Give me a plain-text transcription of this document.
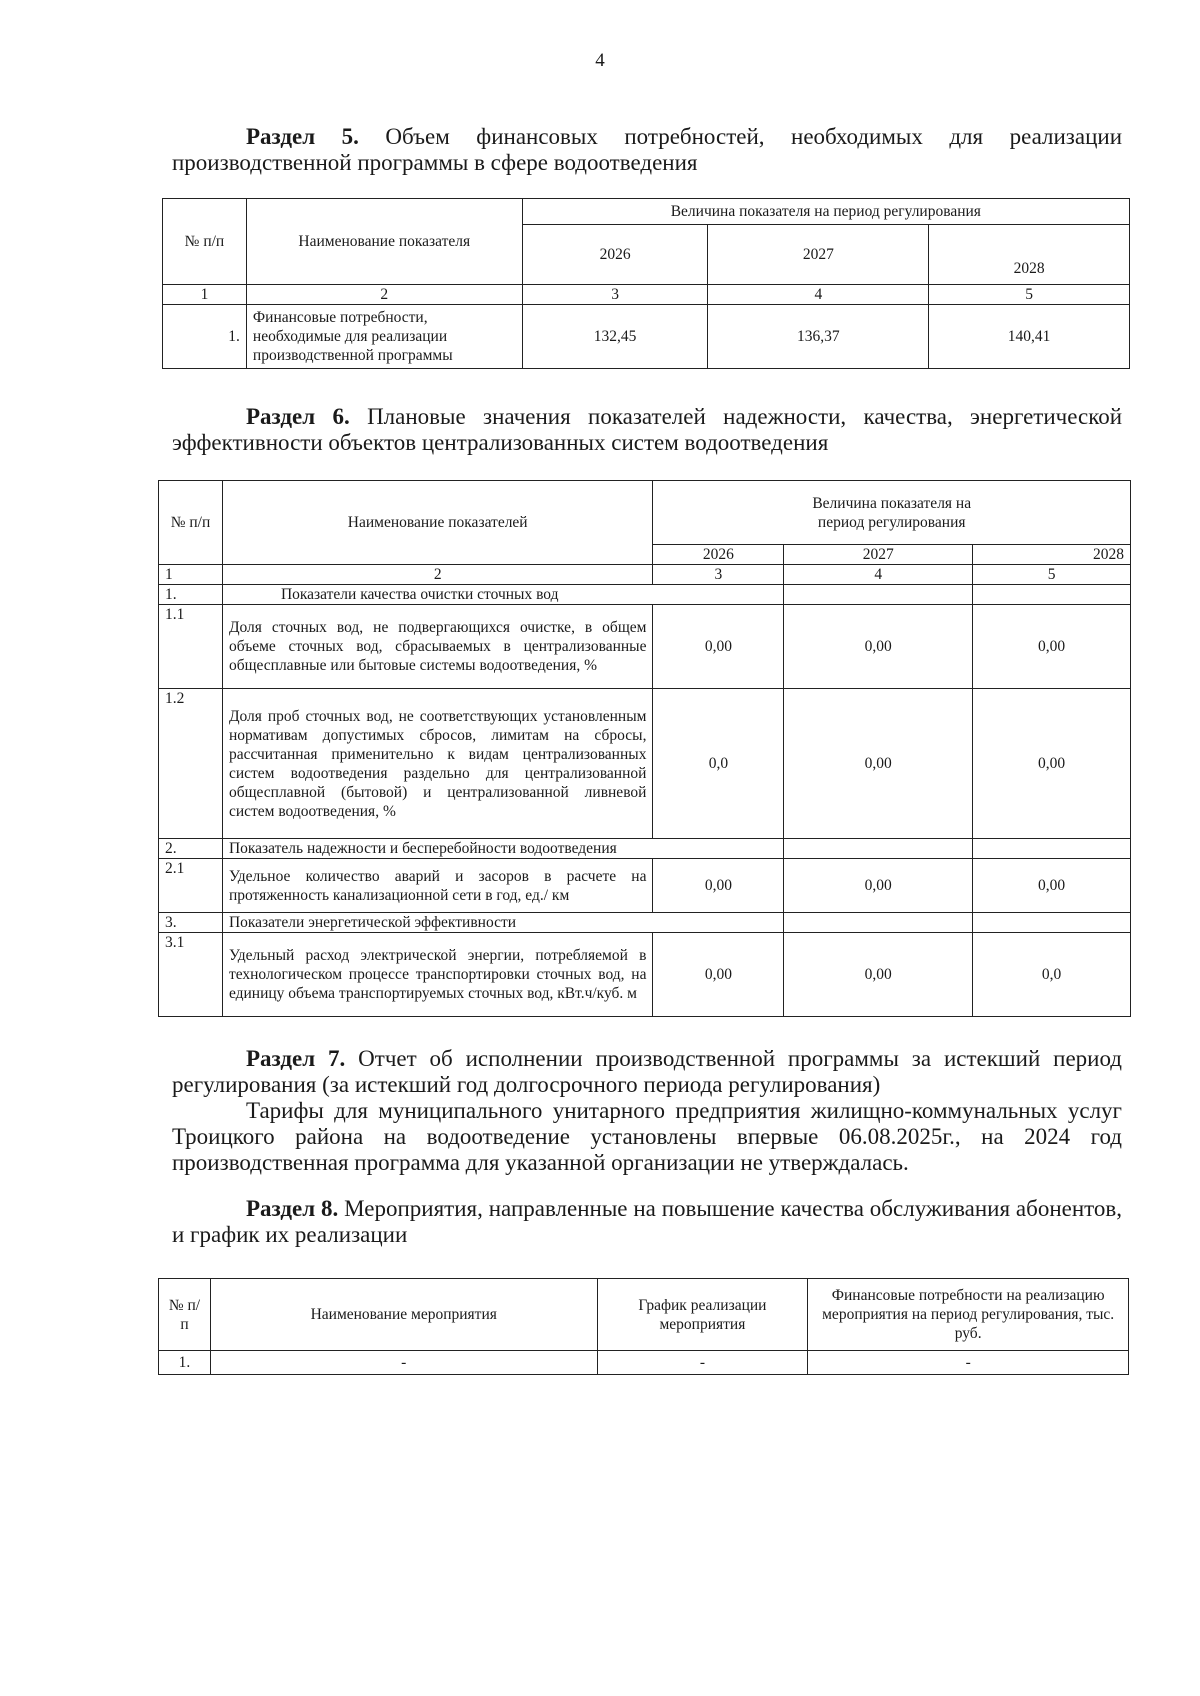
4
Раздел 5. Объем финансовых потребностей, необходимых для реализации производственной программы в сфере водоотведения
№ п/п	Наименование показателя	Величина показателя на период регулирования		
		2026	2027	2028
1	2	3	4	5
1.	Финансовые потребности, необходимые для реализации производственной программы	132,45	136,37	140,41
Раздел 6. Плановые значения показателей надежности, качества, энергетической эффективности объектов централизованных систем водоотведения
№ п/п	Наименование показателей	Величина показателя на период регулирования		
		2026	2027	2028
1	2	3	4	5
1.	Показатели качества очистки сточных вод			
1.1	Доля сточных вод, не подвергающихся очистке, в общем объеме сточных вод, сбрасываемых в централизованные общесплавные или бытовые системы водоотведения, %	0,00	0,00	0,00
1.2	Доля проб сточных вод, не соответствующих установленным нормативам допустимых сбросов, лимитам на сбросы, рассчитанная применительно к видам централизованных систем водоотведения раздельно для централизованной общесплавной (бытовой) и централизованной ливневой систем водоотведения, %	0,0	0,00	0,00
2.	Показатель надежности и бесперебойности водоотведения			
2.1	Удельное количество аварий и засоров в расчете на протяженность канализационной сети в год, ед./ км	0,00	0,00	0,00
3.	Показатели энергетической эффективности			
3.1	Удельный расход электрической энергии, потребляемой в технологическом процессе транспортировки сточных вод, на единицу объема транспортируемых сточных вод, кВт.ч/куб. м	0,00	0,00	0,0
Раздел 7. Отчет об исполнении производственной программы за истекший период регулирования (за истекший год долгосрочного периода регулирования)
Тарифы для муниципального унитарного предприятия жилищно-коммунальных услуг Троицкого района на водоотведение установлены впервые 06.08.2025г., на 2024 год производственная программа для указанной организации не утверждалась.
Раздел 8. Мероприятия, направленные на повышение качества обслуживания абонентов, и график их реализации
№ п/п	Наименование мероприятия	График реализации мероприятия	Финансовые потребности на реализацию мероприятия на период регулирования, тыс. руб.
1.	-	-	-
